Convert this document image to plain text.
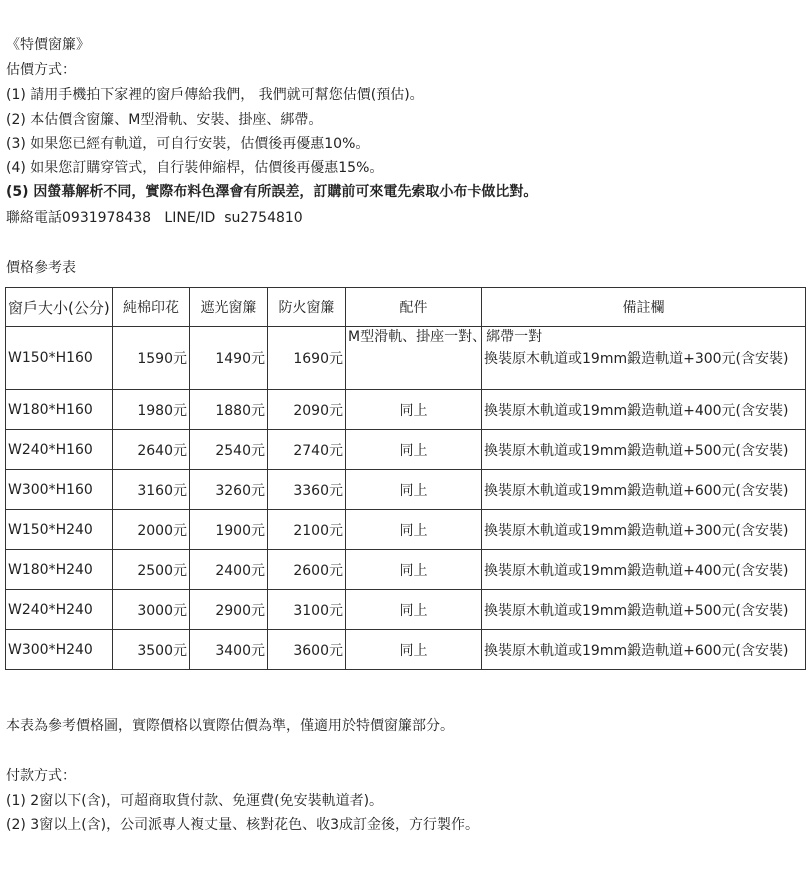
《特價窗簾》
估價方式：
(1) 請用手機拍下家裡的窗戶傳給我們， 我們就可幫您估價(預估)。
(2) 本估價含窗簾、M型滑軌、安裝、掛座、綁帶。
(3) 如果您已經有軌道，可自行安裝，估價後再優惠10%。
(4) 如果您訂購穿管式，自行裝伸縮桿，估價後再優惠15%。
(5) 因螢幕解析不同，實際布料色澤會有所誤差，訂購前可來電先索取小布卡做比對。
聯絡電話0931978438   LINE/ID  su2754810
價格參考表
窗戶大小(公分)	純棉印花	遮光窗簾	防火窗簾	配件	備註欄
W150*H160	1590元	1490元	1690元	M型滑軌、掛座一對、綁帶一對	換裝原木軌道或19mm鍛造軌道+300元(含安裝)
W180*H160	1980元	1880元	2090元	同上	換裝原木軌道或19mm鍛造軌道+400元(含安裝)
W240*H160	2640元	2540元	2740元	同上	換裝原木軌道或19mm鍛造軌道+500元(含安裝)
W300*H160	3160元	3260元	3360元	同上	換裝原木軌道或19mm鍛造軌道+600元(含安裝)
W150*H240	2000元	1900元	2100元	同上	換裝原木軌道或19mm鍛造軌道+300元(含安裝)
W180*H240	2500元	2400元	2600元	同上	換裝原木軌道或19mm鍛造軌道+400元(含安裝)
W240*H240	3000元	2900元	3100元	同上	換裝原木軌道或19mm鍛造軌道+500元(含安裝)
W300*H240	3500元	3400元	3600元	同上	換裝原木軌道或19mm鍛造軌道+600元(含安裝)
本表為參考價格圖，實際價格以實際估價為準，僅適用於特價窗簾部分。
付款方式：
(1) 2窗以下(含)，可超商取貨付款、免運費(免安裝軌道者)。
(2) 3窗以上(含)，公司派專人複丈量、核對花色、收3成訂金後，方行製作。
